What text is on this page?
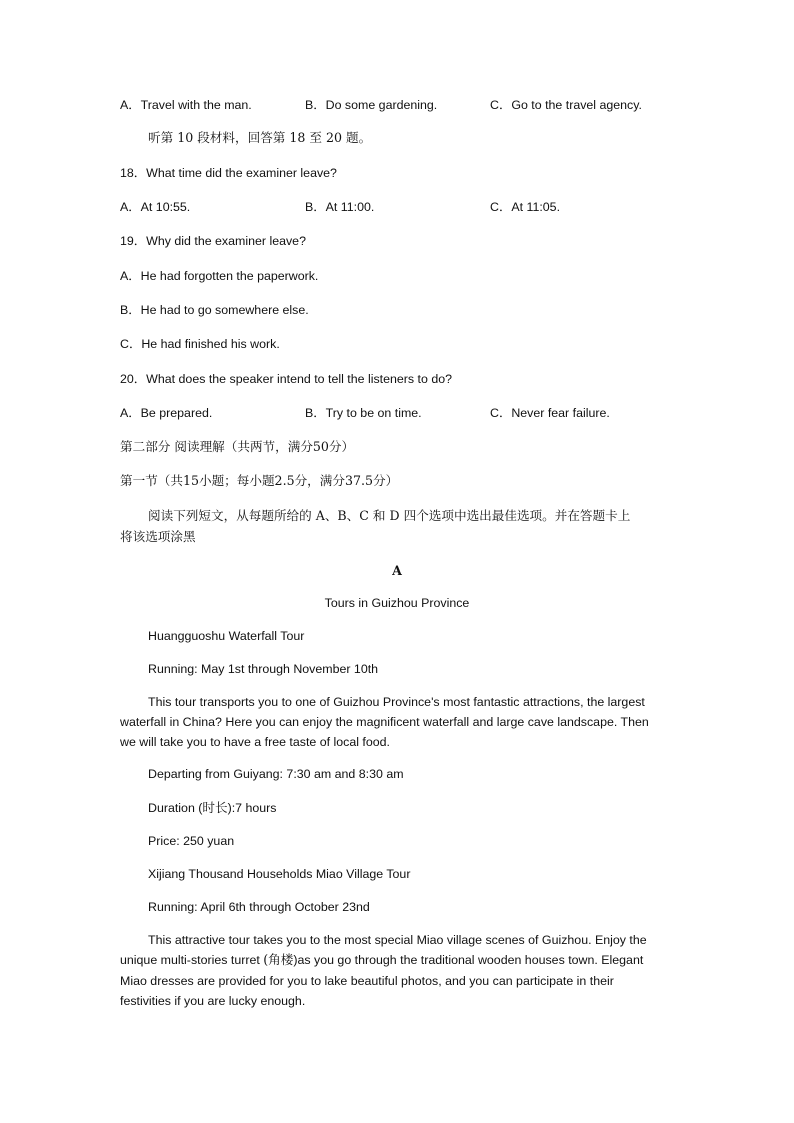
A．Travel with the man.	B．Do some gardening.	C．Go to the travel agency.
听第 10 段材料，回答第 18 至 20 题。
18．What time did the examiner leave?
A．At 10:55.	B．At 11:00.	C．At 11:05.
19．Why did the examiner leave?
A．He had forgotten the paperwork.
B．He had to go somewhere else.
C．He had finished his work.
20．What does the speaker intend to tell the listeners to do?
A．Be prepared.	B．Try to be on time.	C．Never fear failure.
第二部分 阅读理解（共两节，满分50分）
第一节（共15小题；每小题2.5分，满分37.5分）
阅读下列短文，从每题所给的 A、B、C 和 D 四个选项中选出最佳选项。并在答题卡上
将该选项涂黑
A
Tours in Guizhou Province
Huangguoshu Waterfall Tour
Running: May 1st through November 10th
This tour transports you to one of Guizhou Province's most fantastic attractions, the largest
waterfall in China? Here you can enjoy the magnificent waterfall and large cave landscape. Then
we will take you to have a free taste of local food.
Departing from Guiyang: 7:30 am and 8:30 am
Duration (时长):7 hours
Price: 250 yuan
Xijiang Thousand Households Miao Village Tour
Running: April 6th through October 23nd
This attractive tour takes you to the most special Miao village scenes of Guizhou. Enjoy the
unique multi-stories turret (角楼)as you go through the traditional wooden houses town. Elegant
Miao dresses are provided for you to lake beautiful photos, and you can participate in their
festivities if you are lucky enough.
